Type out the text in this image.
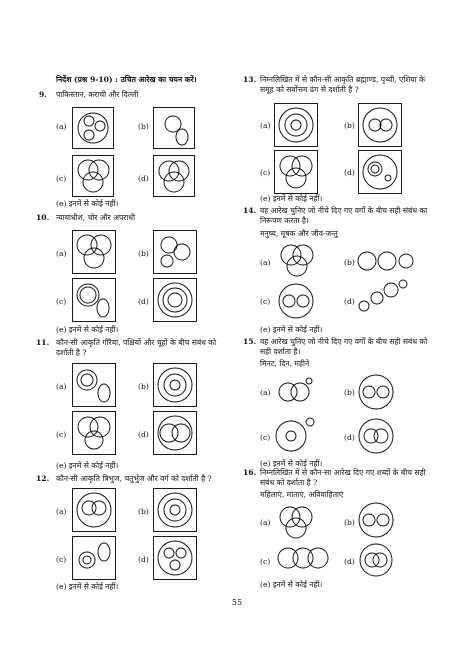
निर्देश (प्रश्न 9-10) : उचित आरेख का चयन करें।
9. पाकिस्तान, कराची और दिल्ली
(a)	(b)
(c)	(d)
(e) इनमें से कोई नहीं।
10. न्यायाधीश, चोर और अपराधी
(a)	(b)
(c)	(d)
(e) इनमें से कोई नहीं।
11. कौन-सी आकृति गौरैया, पक्षियों और चूहों के बीच संबंध को
दर्शाती है ?
(a)	(b)
(c)	(d)
(e) इनमें से कोई नहीं।
12. कौन-सी आकृति त्रिभुज, चतुर्भुज और वर्ग को दर्शाती है ?
(a)	(b)
(c)	(d)
(e) इनमें से कोई नहीं।
13. निम्नलिखित में से कौन-सी आकृति ब्रह्माण्ड, पृथ्वी, एशिया के
समूह को सर्वोत्तम ढंग से दर्शाती है ?
(a)	(b)
(c)	(d)
(e) इनमें से कोई नहीं।
14. वह आरेख चुनिए जो नीचे दिए गए वर्गों के बीच सही संबंध का
निरूपण करता है।
मनुष्य, मूषक और जीव-जन्तु
(a)	(b)
(c)	(d)
(e) इनमें से कोई नहीं।
15. वह आरेख चुनिए जो नीचे दिए गए वर्गों के बीच सही संबंध को
सही दर्शाता है।
मिनट, दिन, महीने
(a)	(b)
(c)	(d)
(e) इनमें से कोई नहीं।
16. निम्नलिखित में से कौन-सा आरेख दिए गए शब्दों के बीच सही
संबंध को दर्शाता है ?
महिलाएं, माताएं, अविवाहिताएं
(a)	(b)
(c)	(d)
(e) इनमें से कोई नहीं।
55
